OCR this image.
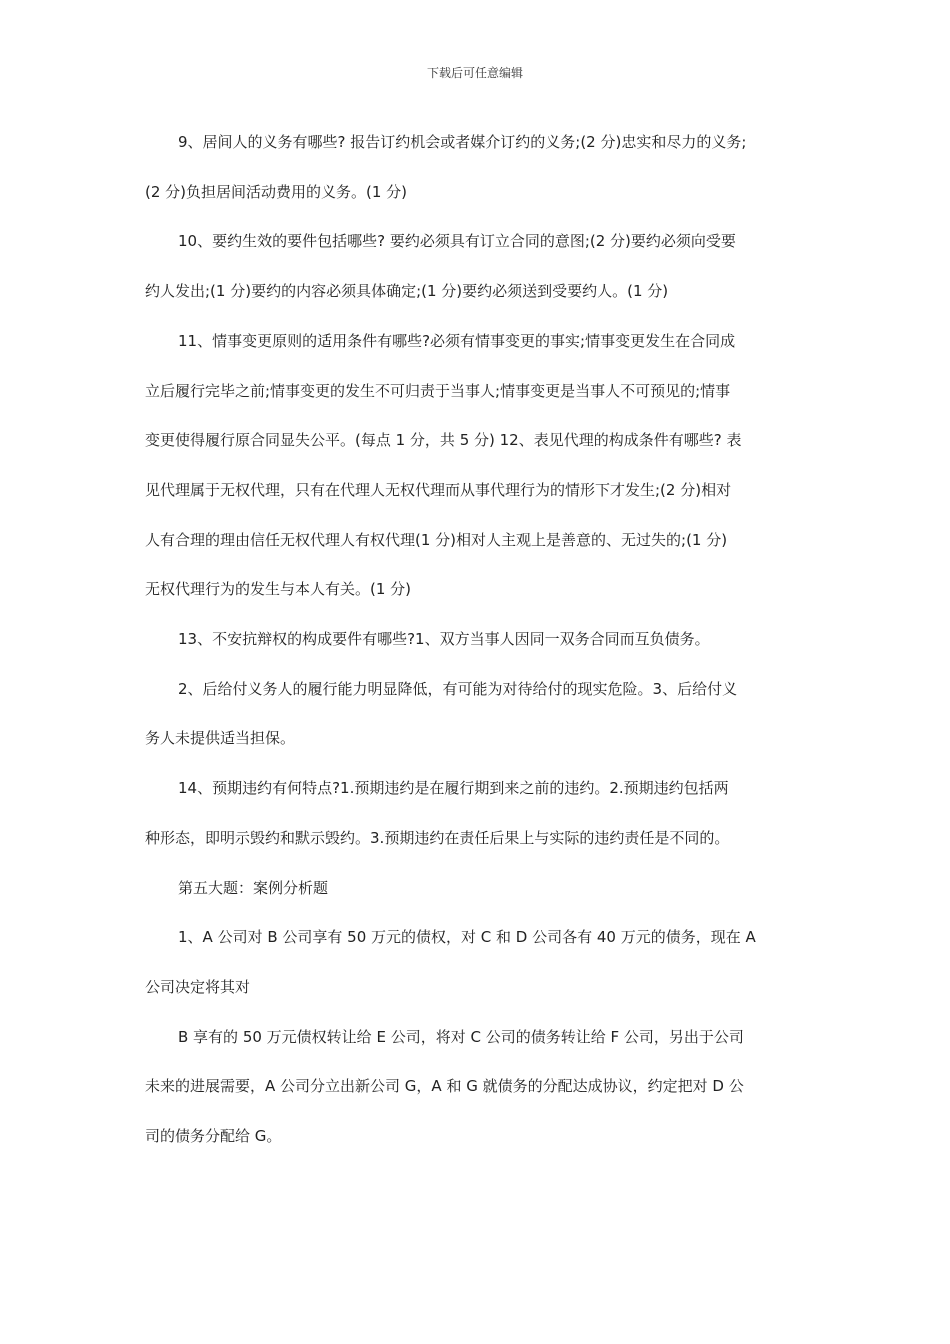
下载后可任意编辑

9、居间人的义务有哪些? 报告订约机会或者媒介订约的义务;(2 分)忠实和尽力的义务;
(2 分)负担居间活动费用的义务。(1 分)

10、要约生效的要件包括哪些? 要约必须具有订立合同的意图;(2 分)要约必须向受要
约人发出;(1 分)要约的内容必须具体确定;(1 分)要约必须送到受要约人。(1 分)

11、情事变更原则的适用条件有哪些?必须有情事变更的事实;情事变更发生在合同成
立后履行完毕之前;情事变更的发生不可归责于当事人;情事变更是当事人不可预见的;情事
变更使得履行原合同显失公平。(每点 1 分，共 5 分) 12、表见代理的构成条件有哪些? 表
见代理属于无权代理，只有在代理人无权代理而从事代理行为的情形下才发生;(2 分)相对
人有合理的理由信任无权代理人有权代理(1 分)相对人主观上是善意的、无过失的;(1 分)
无权代理行为的发生与本人有关。(1 分)

13、不安抗辩权的构成要件有哪些?1、双方当事人因同一双务合同而互负债务。

2、后给付义务人的履行能力明显降低，有可能为对待给付的现实危险。3、后给付义
务人未提供适当担保。

14、预期违约有何特点?1.预期违约是在履行期到来之前的违约。2.预期违约包括两
种形态，即明示毁约和默示毁约。3.预期违约在责任后果上与实际的违约责任是不同的。

第五大题：案例分析题

1、A 公司对 B 公司享有 50 万元的债权，对 C 和 D 公司各有 40 万元的债务，现在 A
公司决定将其对

B 享有的 50 万元债权转让给 E 公司，将对 C 公司的债务转让给 F 公司，另出于公司
未来的进展需要，A 公司分立出新公司 G，A 和 G 就债务的分配达成协议，约定把对 D 公
司的债务分配给 G。
